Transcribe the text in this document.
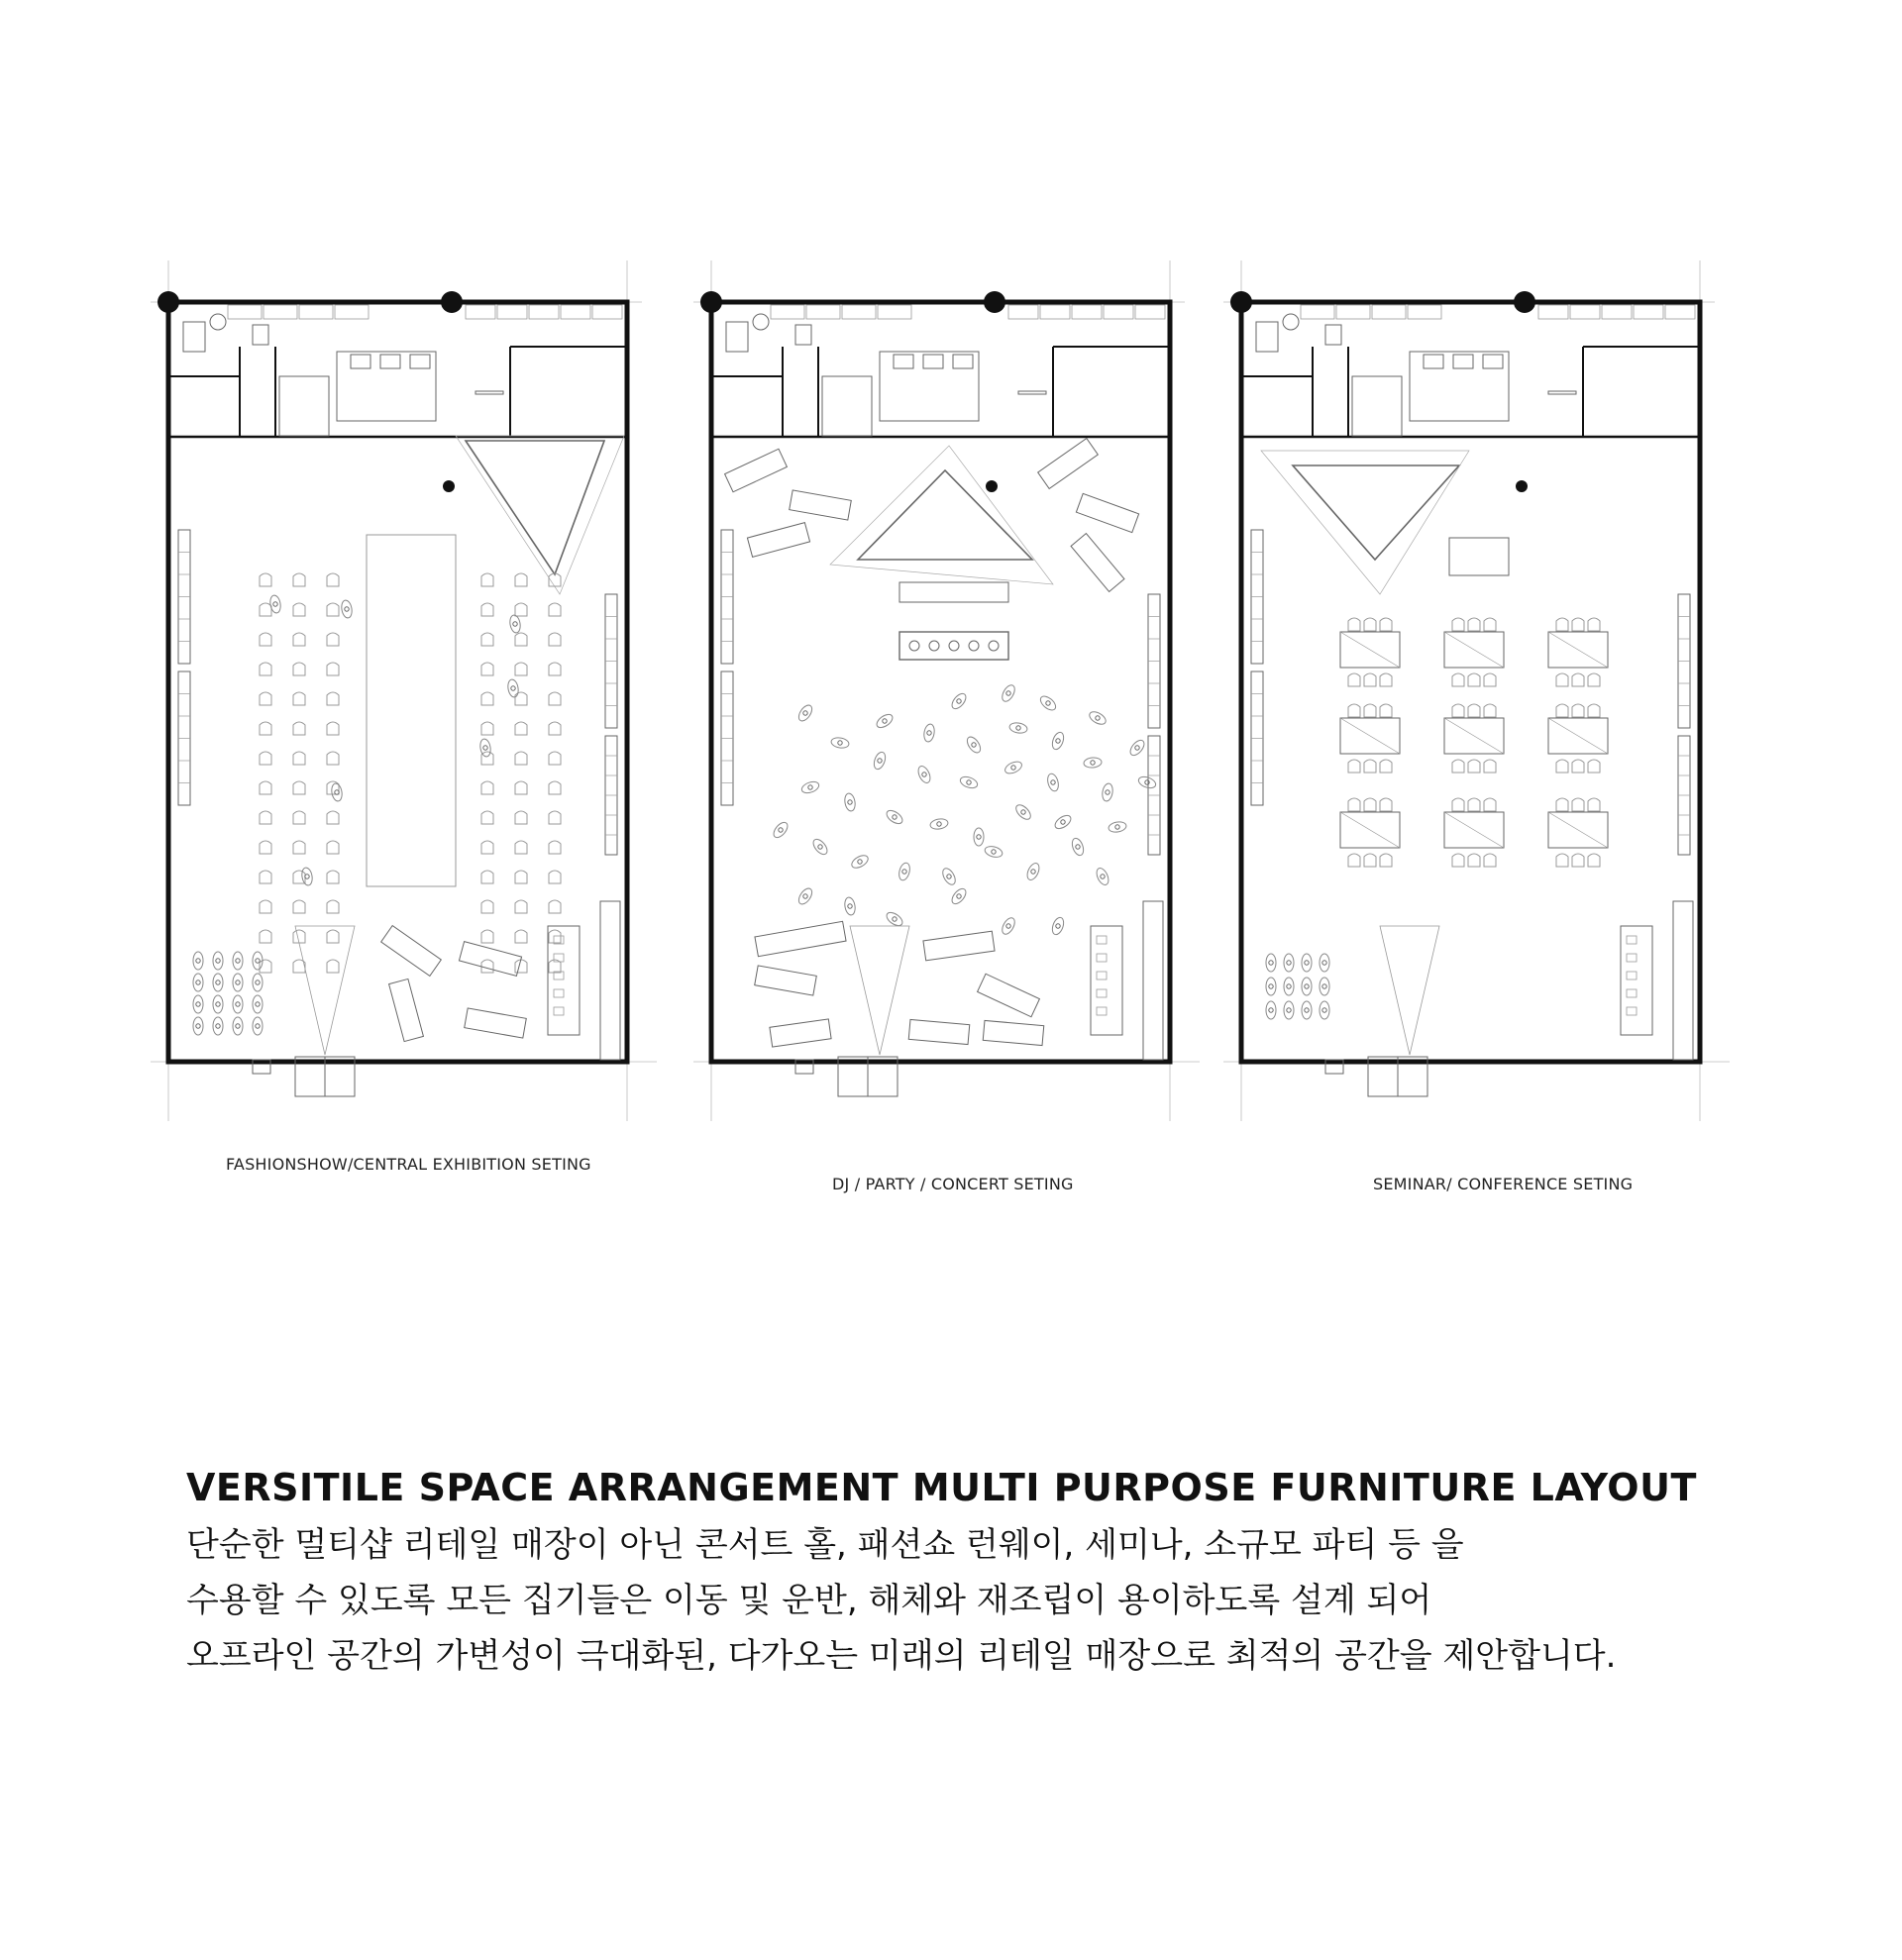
FASHIONSHOW/CENTRAL EXHIBITION SETING
DJ / PARTY / CONCERT SETING	SEMINAR/ CONFERENCE SETING

VERSITILE SPACE ARRANGEMENT MULTI PURPOSE FURNITURE LAYOUT

단순한 멀티샵 리테일 매장이 아닌 콘서트 홀, 패션쇼 런웨이, 세미나, 소규모 파티 등 을

수용할 수 있도록 모든 집기들은 이동 및 운반, 해체와 재조립이 용이하도록 설계 되어

오프라인 공간의 가변성이 극대화된, 다가오는 미래의 리테일 매장으로 최적의 공간을 제안합니다.
